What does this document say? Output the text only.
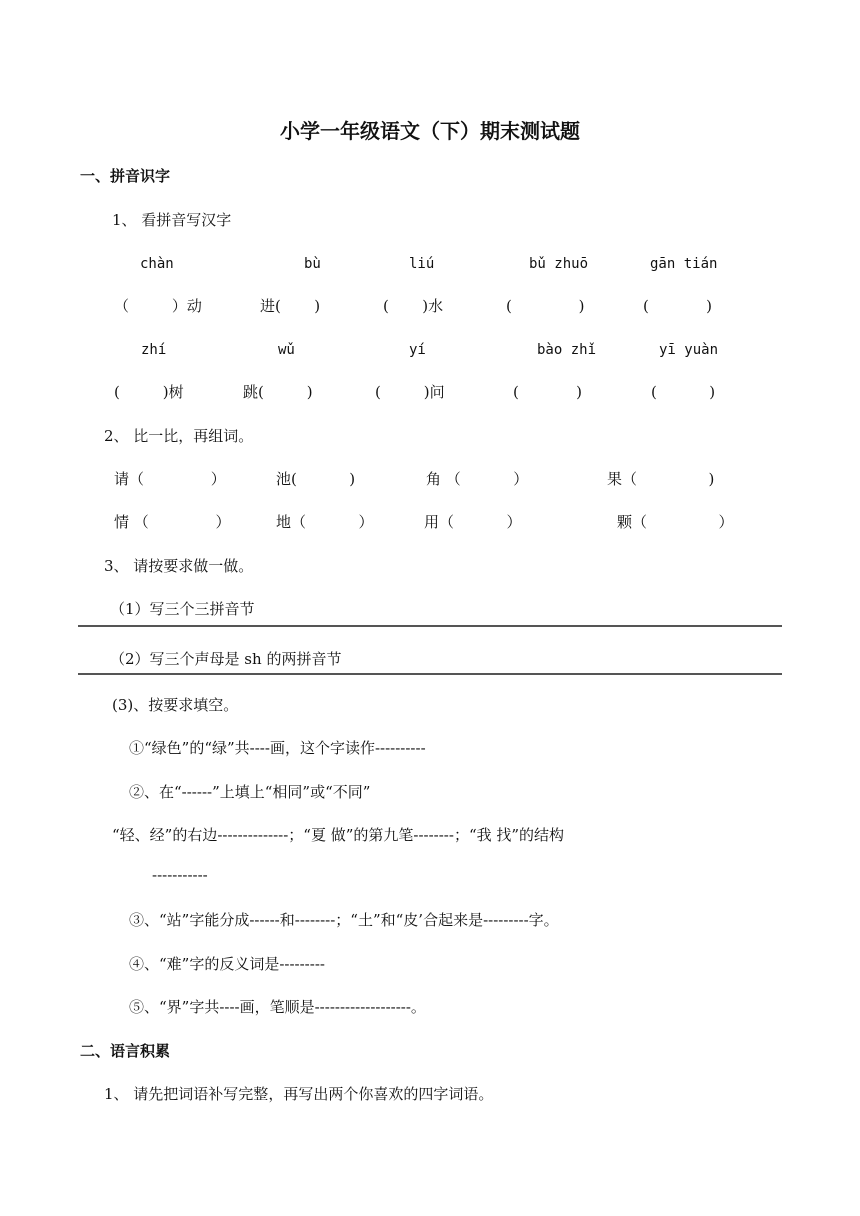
小学一年级语文（下）期末测试题
一、拼音识字
1、 看拼音写汉字
chàn	bù	liú	bǔ zhuō	gān tián
（         ）动	进(       )	(       )水	(              )	(            )
zhí	wǔ	yí	bào zhǐ	yī yuàn
(         )树	跳(         )	(         )问	(            )	(           )
2、 比一比，再组词。
请（              ）	池(           )	角 （           ）	果（               )
情 （              ）	地（           ）	用（           ）	颗（               ）
3、 请按要求做一做。
（1）写三个三拼音节
（2）写三个声母是 sh 的两拼音节
(3)、按要求填空。
①“绿色”的“绿”共----画，这个字读作----------
②、在“------”上填上“相同”或“不同”
“轻、经”的右边--------------；“夏 做”的第九笔--------；“我 找”的结构
-----------
③、“站”字能分成------和--------；“土”和“皮’合起来是---------字。
④、“难”字的反义词是---------
⑤、“界”字共----画，笔顺是-------------------。
二、语言积累
1、 请先把词语补写完整，再写出两个你喜欢的四字词语。
